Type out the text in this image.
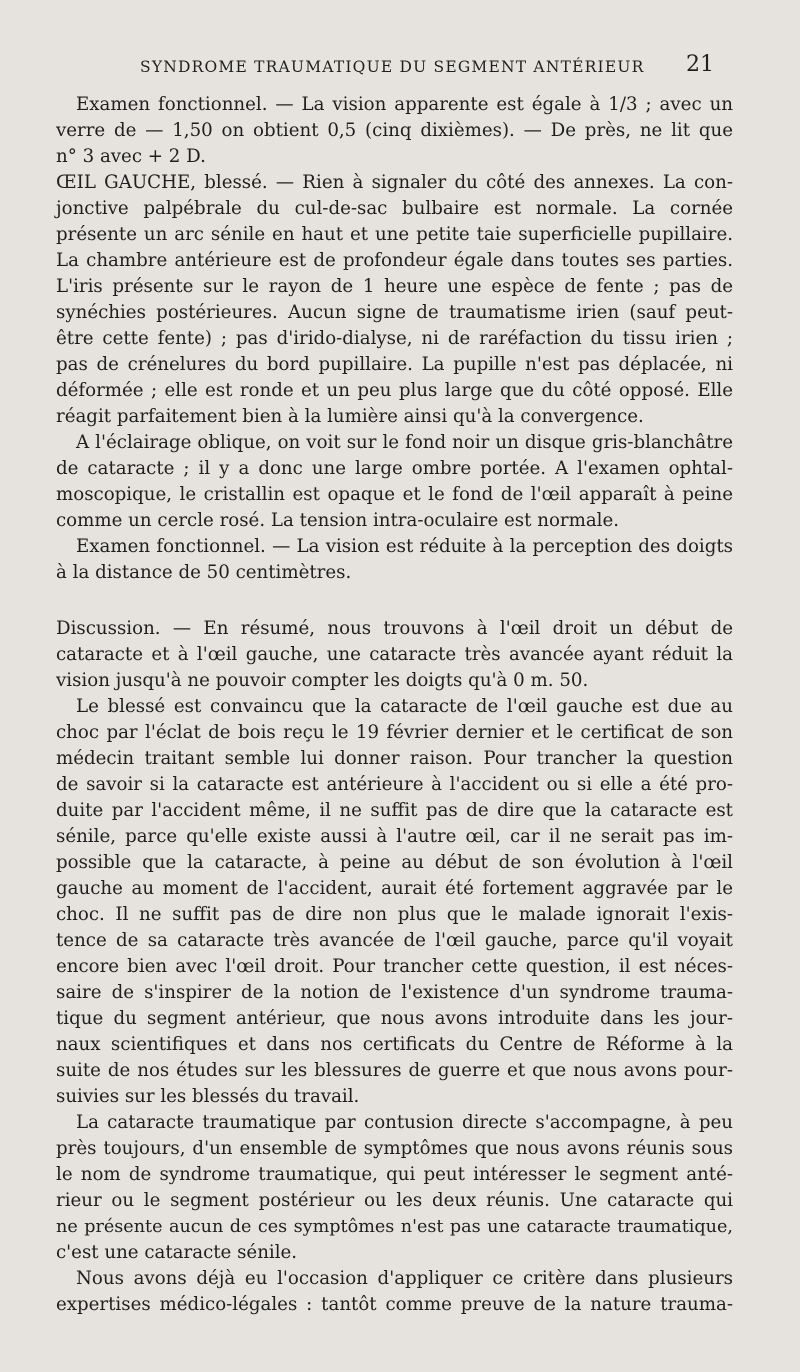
SYNDROME TRAUMATIQUE DU SEGMENT ANTÉRIEUR 21
Examen fonctionnel. — La vision apparente est égale à 1/3 ; avec un
verre de — 1,50 on obtient 0,5 (cinq dixièmes). — De près, ne lit que
n° 3 avec + 2 D.
ŒIL GAUCHE, blessé. — Rien à signaler du côté des annexes. La con-
jonctive palpébrale du cul-de-sac bulbaire est normale. La cornée
présente un arc sénile en haut et une petite taie superficielle pupillaire.
La chambre antérieure est de profondeur égale dans toutes ses parties.
L'iris présente sur le rayon de 1 heure une espèce de fente ; pas de
synéchies postérieures. Aucun signe de traumatisme irien (sauf peut-
être cette fente) ; pas d'irido-dialyse, ni de raréfaction du tissu irien ;
pas de crénelures du bord pupillaire. La pupille n'est pas déplacée, ni
déformée ; elle est ronde et un peu plus large que du côté opposé. Elle
réagit parfaitement bien à la lumière ainsi qu'à la convergence.
A l'éclairage oblique, on voit sur le fond noir un disque gris-blanchâtre
de cataracte ; il y a donc une large ombre portée. A l'examen ophtal-
moscopique, le cristallin est opaque et le fond de l'œil apparaît à peine
comme un cercle rosé. La tension intra-oculaire est normale.
Examen fonctionnel. — La vision est réduite à la perception des doigts
à la distance de 50 centimètres.
Discussion. — En résumé, nous trouvons à l'œil droit un début de
cataracte et à l'œil gauche, une cataracte très avancée ayant réduit la
vision jusqu'à ne pouvoir compter les doigts qu'à 0 m. 50.
Le blessé est convaincu que la cataracte de l'œil gauche est due au
choc par l'éclat de bois reçu le 19 février dernier et le certificat de son
médecin traitant semble lui donner raison. Pour trancher la question
de savoir si la cataracte est antérieure à l'accident ou si elle a été pro-
duite par l'accident même, il ne suffit pas de dire que la cataracte est
sénile, parce qu'elle existe aussi à l'autre œil, car il ne serait pas im-
possible que la cataracte, à peine au début de son évolution à l'œil
gauche au moment de l'accident, aurait été fortement aggravée par le
choc. Il ne suffit pas de dire non plus que le malade ignorait l'exis-
tence de sa cataracte très avancée de l'œil gauche, parce qu'il voyait
encore bien avec l'œil droit. Pour trancher cette question, il est néces-
saire de s'inspirer de la notion de l'existence d'un syndrome trauma-
tique du segment antérieur, que nous avons introduite dans les jour-
naux scientifiques et dans nos certificats du Centre de Réforme à la
suite de nos études sur les blessures de guerre et que nous avons pour-
suivies sur les blessés du travail.
La cataracte traumatique par contusion directe s'accompagne, à peu
près toujours, d'un ensemble de symptômes que nous avons réunis sous
le nom de syndrome traumatique, qui peut intéresser le segment anté-
rieur ou le segment postérieur ou les deux réunis. Une cataracte qui
ne présente aucun de ces symptômes n'est pas une cataracte traumatique,
c'est une cataracte sénile.
Nous avons déjà eu l'occasion d'appliquer ce critère dans plusieurs
expertises médico-légales : tantôt comme preuve de la nature trauma-
